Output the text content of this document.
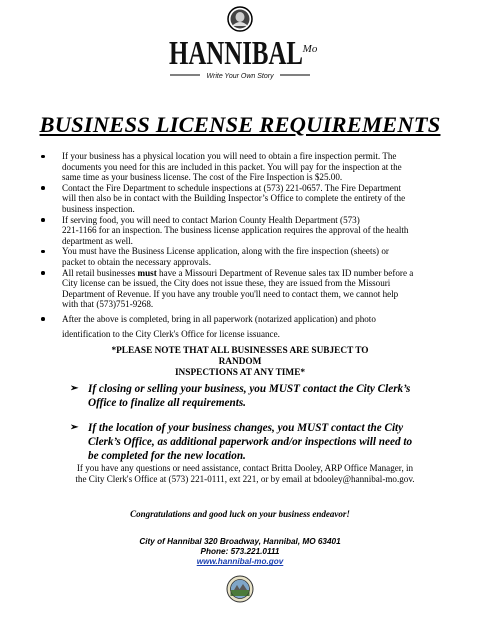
HANNIBAL Mo
Write Your Own Story
BUSINESS LICENSE REQUIREMENTS
If your business has a physical location you will need to obtain a fire inspection permit. The
documents you need for this are included in this packet. You will pay for the inspection at the
same time as your business license. The cost of the Fire Inspection is $25.00.
Contact the Fire Department to schedule inspections at (573) 221-0657. The Fire Department
will then also be in contact with the Building Inspector’s Office to complete the entirety of the
business inspection.
If serving food, you will need to contact Marion County Health Department (573)
221-1166 for an inspection. The business license application requires the approval of the health
department as well.
You must have the Business License application, along with the fire inspection (sheets) or
packet to obtain the necessary approvals.
All retail businesses must have a Missouri Department of Revenue sales tax ID number before a
City license can be issued, the City does not issue these, they are issued from the Missouri
Department of Revenue. If you have any trouble you'll need to contact them, we cannot help
with that (573)751-9268.
After the above is completed, bring in all paperwork (notarized application) and photo
identification to the City Clerk's Office for license issuance.
*PLEASE NOTE THAT ALL BUSINESSES ARE SUBJECT TO RANDOM
INSPECTIONS AT ANY TIME*
➢ If closing or selling your business, you MUST contact the City Clerk’s
Office to finalize all requirements.
➢ If the location of your business changes, you MUST contact the City
Clerk’s Office, as additional paperwork and/or inspections will need to
be completed for the new location.
If you have any questions or need assistance, contact Britta Dooley, ARP Office Manager, in
the City Clerk's Office at (573) 221-0111, ext 221, or by email at bdooley@hannibal-mo.gov.
Congratulations and good luck on your business endeavor!
City of Hannibal 320 Broadway, Hannibal, MO 63401
Phone: 573.221.0111
www.hannibal-mo.gov
